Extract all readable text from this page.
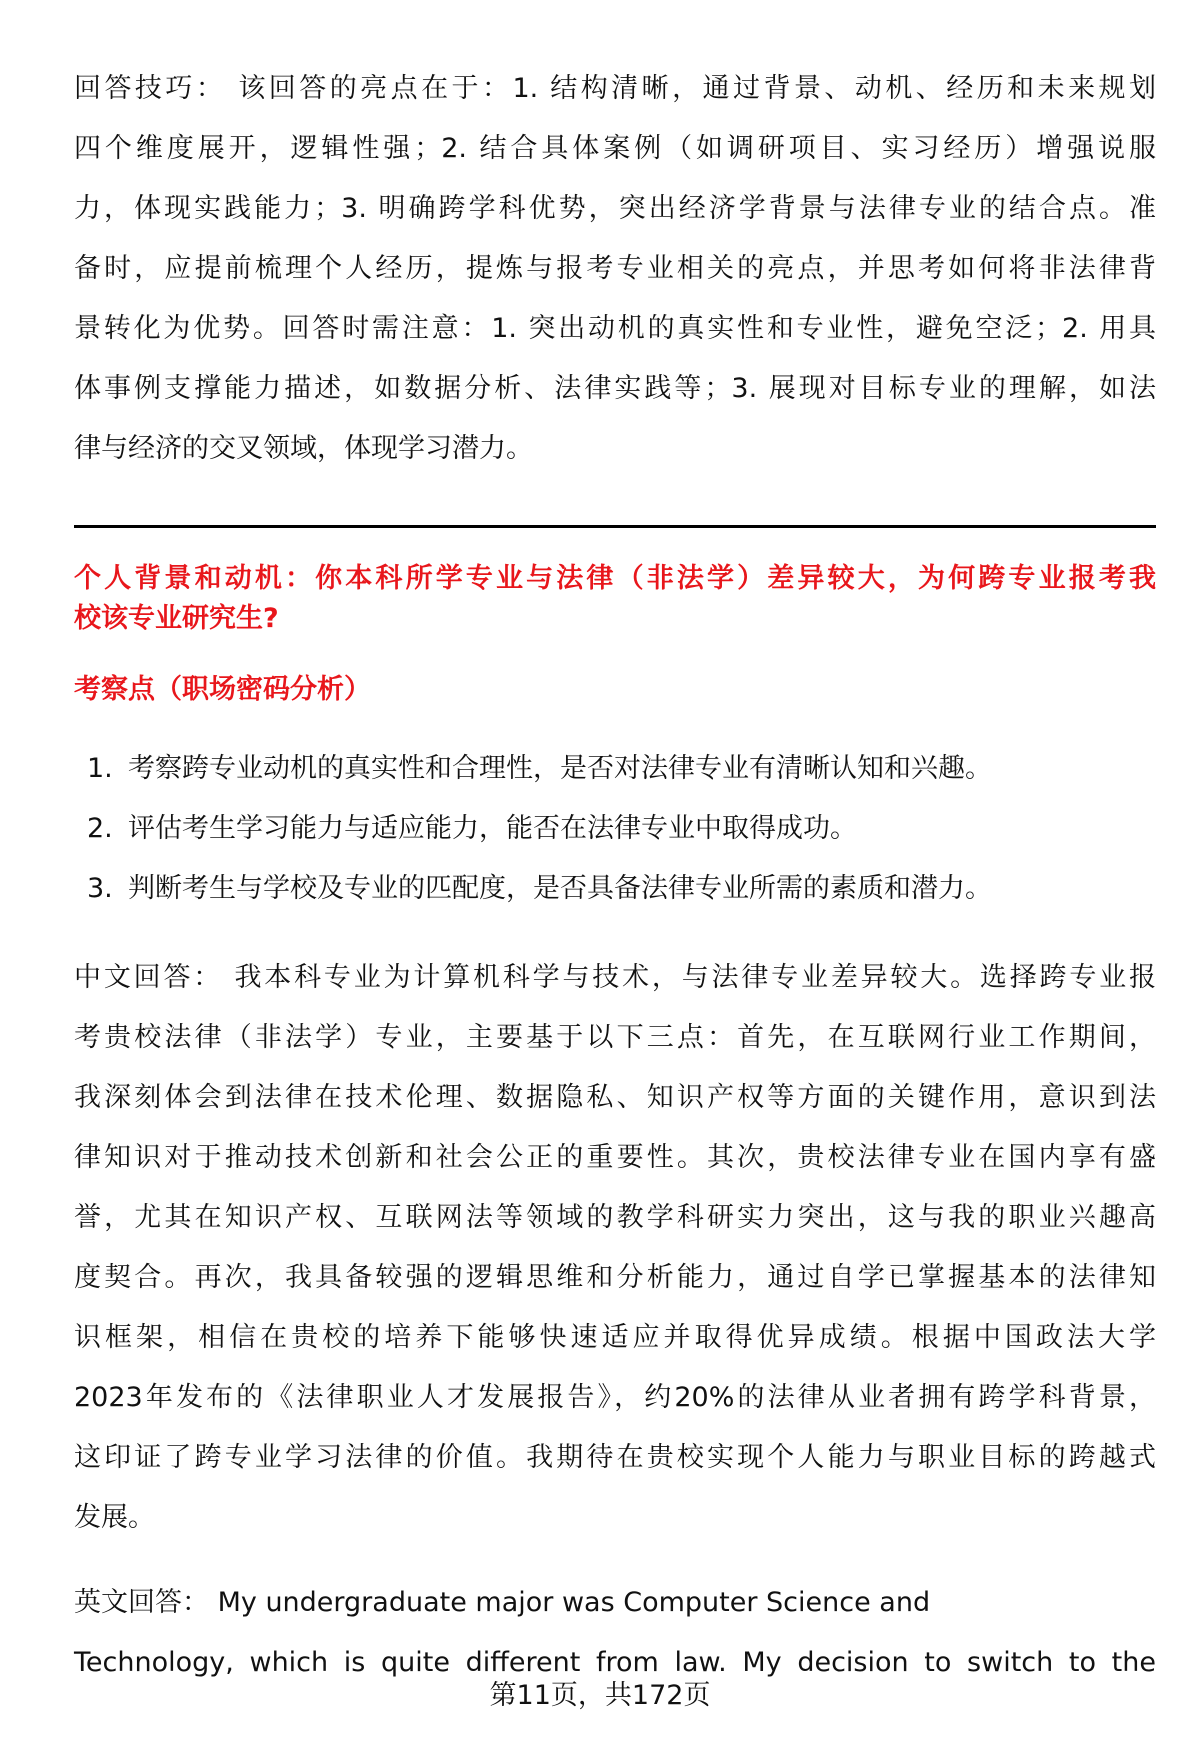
回答技巧： 该回答的亮点在于：1. 结构清晰，通过背景、动机、经历和未来规划
四个维度展开，逻辑性强；2. 结合具体案例（如调研项目、实习经历）增强说服
力，体现实践能力；3. 明确跨学科优势，突出经济学背景与法律专业的结合点。准
备时，应提前梳理个人经历，提炼与报考专业相关的亮点，并思考如何将非法律背
景转化为优势。回答时需注意：1. 突出动机的真实性和专业性，避免空泛；2. 用具
体事例支撑能力描述，如数据分析、法律实践等；3. 展现对目标专业的理解，如法
律与经济的交叉领域，体现学习潜力。
个人背景和动机：你本科所学专业与法律（非法学）差异较大，为何跨专业报考我
校该专业研究生?
考察点（职场密码分析）
1. 考察跨专业动机的真实性和合理性，是否对法律专业有清晰认知和兴趣。
2. 评估考生学习能力与适应能力，能否在法律专业中取得成功。
3. 判断考生与学校及专业的匹配度，是否具备法律专业所需的素质和潜力。
中文回答： 我本科专业为计算机科学与技术，与法律专业差异较大。选择跨专业报
考贵校法律（非法学）专业，主要基于以下三点：首先，在互联网行业工作期间，
我深刻体会到法律在技术伦理、数据隐私、知识产权等方面的关键作用，意识到法
律知识对于推动技术创新和社会公正的重要性。其次，贵校法律专业在国内享有盛
誉，尤其在知识产权、互联网法等领域的教学科研实力突出，这与我的职业兴趣高
度契合。再次，我具备较强的逻辑思维和分析能力，通过自学已掌握基本的法律知
识框架，相信在贵校的培养下能够快速适应并取得优异成绩。根据中国政法大学
2023年发布的《法律职业人才发展报告》，约20%的法律从业者拥有跨学科背景，
这印证了跨专业学习法律的价值。我期待在贵校实现个人能力与职业目标的跨越式
发展。
英文回答： My undergraduate major was Computer Science and
Technology, which is quite different from law. My decision to switch to the
第11页，共172页
